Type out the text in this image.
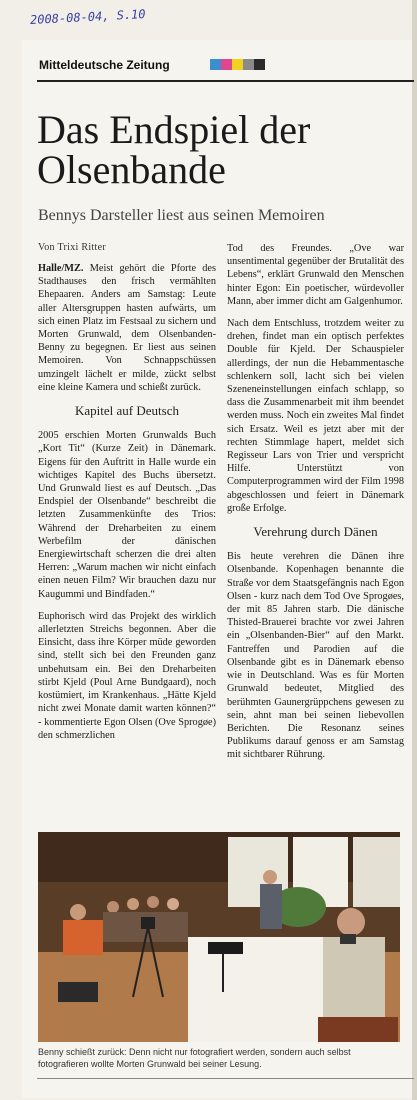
2008-08-04, S.10
Mitteldeutsche Zeitung
Das Endspiel der
Olsenbande
Bennys Darsteller liest aus seinen Memoiren
Von Trixi Ritter

Halle/MZ. Meist gehört die Pforte des Stadthauses den frisch vermählten Ehepaaren. Anders am Samstag: Leute aller Altersgruppen hasten aufwärts, um sich einen Platz im Festsaal zu sichern und Morten Grunwald, dem Olsenbanden-Benny zu begegnen. Er liest aus seinen Memoiren. Von Schnappschüssen umzingelt lächelt er milde, zückt selbst eine kleine Kamera und schießt zurück.

Kapitel auf Deutsch

2005 erschien Morten Grunwalds Buch „Kort Tit“ (Kurze Zeit) in Dänemark. Eigens für den Auftritt in Halle wurde ein wichtiges Kapitel des Buchs übersetzt. Und Grunwald liest es auf Deutsch. „Das Endspiel der Olsenbande“ beschreibt die letzten Zusammenkünfte des Trios: Während der Dreharbeiten zu einem Werbefilm der dänischen Energiewirtschaft scherzen die drei alten Herren: „Warum machen wir nicht einfach einen neuen Film? Wir brauchen dazu nur Kaugummi und Bindfaden.“

Euphorisch wird das Projekt des wirklich allerletzten Streichs begonnen. Aber die Einsicht, dass ihre Körper müde geworden sind, stellt sich bei den Freunden ganz unbehutsam ein. Bei den Dreharbeiten stirbt Kjeld (Poul Arne Bundgaard), noch kostümiert, im Krankenhaus. „Hätte Kjeld nicht zwei Monate damit warten können?“ - kommentierte Egon Olsen (Ove Sprogøe) den schmerzlichen

Tod des Freundes. „Ove war unsentimental gegenüber der Brutalität des Lebens“, erklärt Grunwald den Menschen hinter Egon: Ein poetischer, würdevoller Mann, aber immer dicht am Galgenhumor.

Nach dem Entschluss, trotzdem weiter zu drehen, findet man ein optisch perfektes Double für Kjeld. Der Schauspieler allerdings, der nun die Hebammentasche schlenkern soll, lacht sich bei vielen Szeneneinstellungen einfach schlapp, so dass die Zusammenarbeit mit ihm beendet werden muss. Noch ein zweites Mal findet sich Ersatz. Weil es jetzt aber mit der rechten Stimmlage hapert, meldet sich Regisseur Lars von Trier und verspricht Hilfe. Unterstützt von Computerprogrammen wird der Film 1998 abgeschlossen und feiert in Dänemark große Erfolge.

Verehrung durch Dänen

Bis heute verehren die Dänen ihre Olsenbande. Kopenhagen benannte die Straße vor dem Staatsgefängnis nach Egon Olsen - kurz nach dem Tod Ove Sprogøes, der mit 85 Jahren starb. Die dänische Thisted-Brauerei brachte vor zwei Jahren ein „Olsenbanden-Bier“ auf den Markt. Fantreffen und Parodien auf die Olsenbande gibt es in Dänemark ebenso wie in Deutschland. Was es für Morten Grunwald bedeutet, Mitglied des berühmten Gaunergrüppchens gewesen zu sein, ahnt man bei seinen liebevollen Berichten. Die Resonanz seines Publikums darauf genoss er am Samstag mit sichtbarer Rührung.

Benny schießt zurück: Denn nicht nur fotografiert werden, sondern auch selbst fotografieren wollte Morten Grunwald bei seiner Lesung.
